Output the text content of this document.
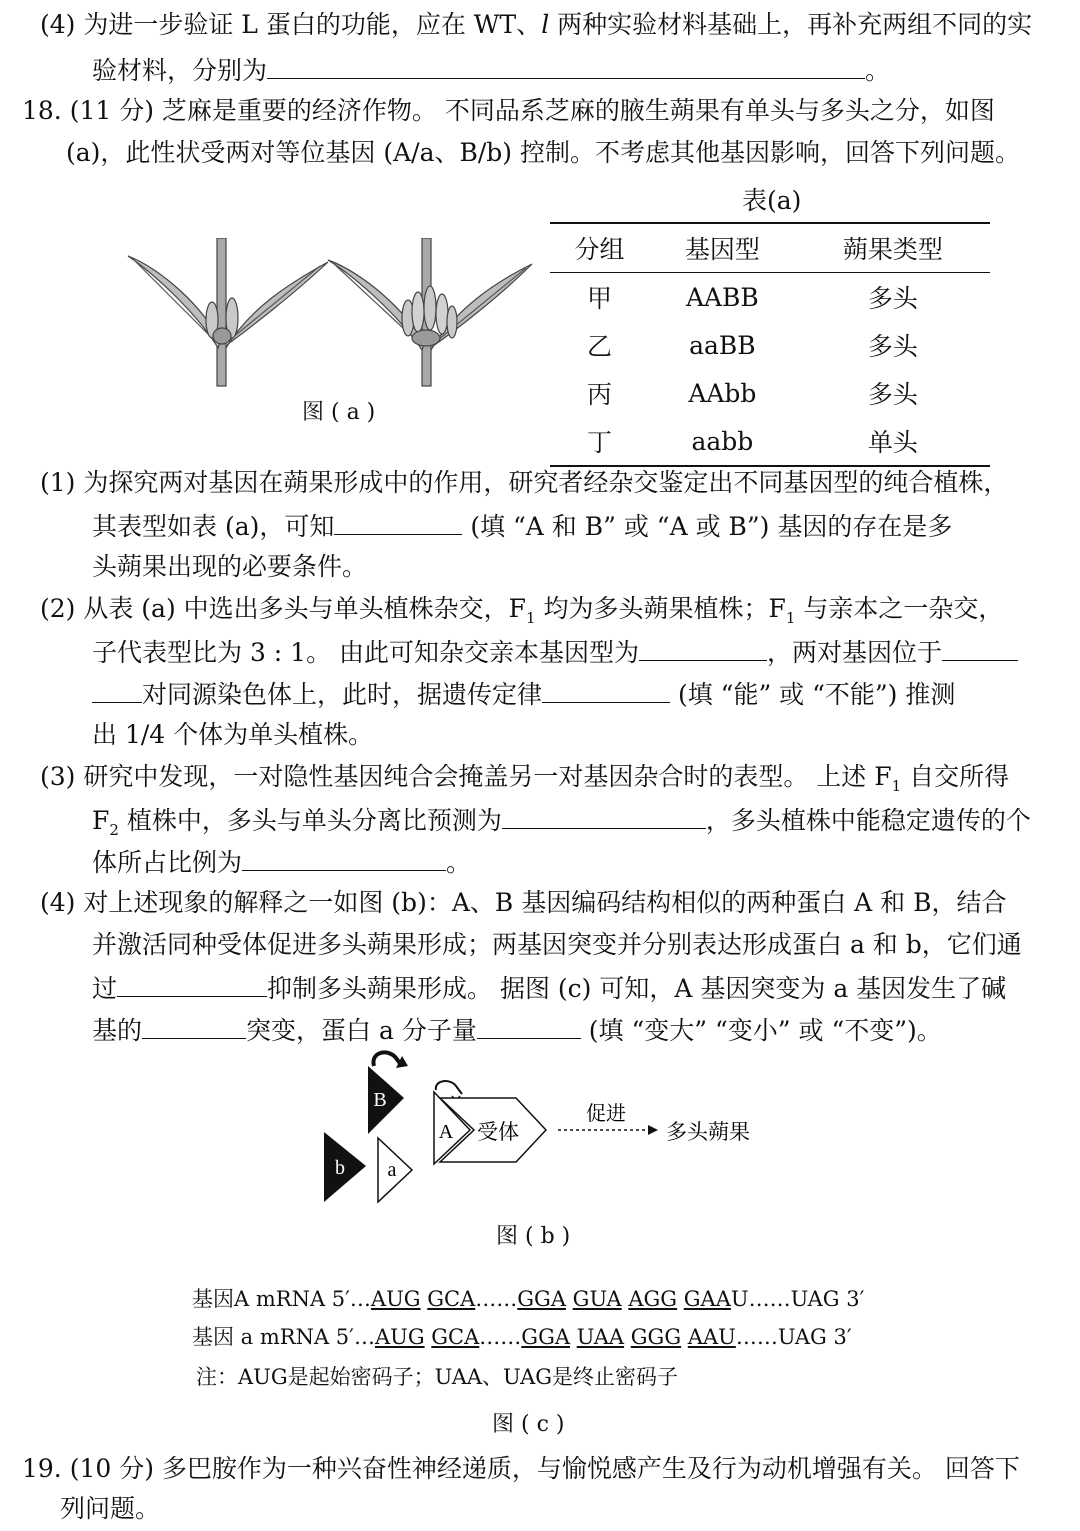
(4) 为进一步验证 L 蛋白的功能，应在 WT、l 两种实验材料基础上，再补充两组不同的实
验材料，分别为	。
18. (11 分) 芝麻是重要的经济作物。 不同品系芝麻的腋生蒴果有单头与多头之分，如图
(a)，此性状受两对等位基因 (A/a、B/b) 控制。不考虑其他基因影响，回答下列问题。
图 ( a )
表(a)
分组	基因型	蒴果类型
甲	AABB	多头
乙	aaBB	多头
丙	AAbb	多头
丁	aabb	单头
(1) 为探究两对基因在蒴果形成中的作用，研究者经杂交鉴定出不同基因型的纯合植株，
其表型如表 (a)，可知	(填 “A 和 B” 或 “A 或 B”) 基因的存在是多
头蒴果出现的必要条件。
(2) 从表 (a) 中选出多头与单头植株杂交，$F_1$ 均为多头蒴果植株；$F_1$ 与亲本之一杂交，
子代表型比为 3 : 1。 由此可知杂交亲本基因型为	，两对基因位于
对同源染色体上，此时，据遗传定律	(填 “能” 或 “不能”) 推测
出 1/4 个体为单头植株。
(3) 研究中发现，一对隐性基因纯合会掩盖另一对基因杂合时的表型。 上述 $F_1$ 自交所得
$F_2$ 植株中，多头与单头分离比预测为	，多头植株中能稳定遗传的个
体所占比例为	。
(4) 对上述现象的解释之一如图 (b)：A、B 基因编码结构相似的两种蛋白 A 和 B，结合
并激活同种受体促进多头蒴果形成；两基因突变并分别表达形成蛋白 a 和 b，它们通
过	抑制多头蒴果形成。 据图 (c) 可知，A 基因突变为 a 基因发生了碱
基的	突变，蛋白 a 分子量	(填 “变大” “变小” 或 “不变”)。
B
b a
A 受体
促进
多头蒴果
图 ( b )
基因A mRNA 5′…AUG GCA……GGA GUA AGG GAAU……UAG 3′
基因 a mRNA 5′…AUG GCA……GGA UAA GGG AAU……UAG 3′
注：AUG是起始密码子；UAA、UAG是终止密码子
图 ( c )
19. (10 分) 多巴胺作为一种兴奋性神经递质，与愉悦感产生及行为动机增强有关。 回答下
列问题。
